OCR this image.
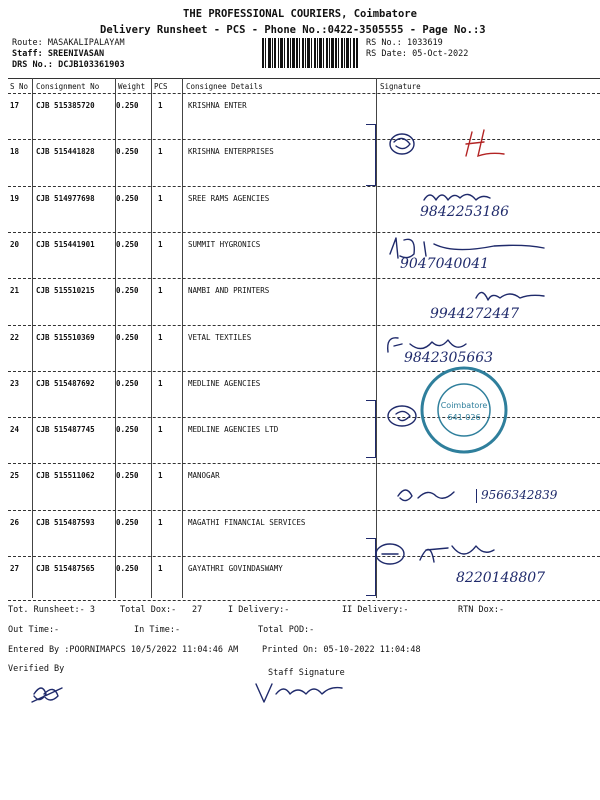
THE PROFESSIONAL COURIERS, Coimbatore
Delivery Runsheet - PCS - Phone No.:0422-3505555 - Page No.:3
Route: MASAKALIPALAYAM
Staff: SREENIVASAN
DRS No.: DCJB103361903
RS No.: 1033619
RS Date: 05-Oct-2022
S No Consignment No	Weight PCS Consignee Details	Signature
17 CJB 515385720	0.250	1	KRISHNA ENTER
18 CJB 515441828	0.250	1	KRISHNA ENTERPRISES
19 CJB 514977698	0.250	1	SREE RAMS AGENCIES
20 CJB 515441901	0.250	1	SUMMIT HYGRONICS
21 CJB 515510215	0.250	1	NAMBI AND PRINTERS
22 CJB 515510369	0.250	1	VETAL TEXTILES
23 CJB 515487692	0.250	1	MEDLINE AGENCIES
24 CJB 515487745	0.250	1	MEDLINE AGENCIES LTD
25 CJB 515511062	0.250	1	MANOGAR
26 CJB 515487593	0.250	1	MAGATHI FINANCIAL SERVICES
27 CJB 515487565	0.250	1	GAYATHRI GOVINDASWAMY
9842253186
9047040041
9944272447
9842305663
Coimbatore
641 026
9566342839
8220148807
Tot. Runsheet:- 3	Total Dox:- 27	I Delivery:-	II Delivery:-	RTN Dox:-
Out Time:-	In Time:-	Total POD:-
Entered By :POORNIMAPCS 10/5/2022 11:04:46 AM	Printed On: 05-10-2022 11:04:48
Verified By	Staff Signature
